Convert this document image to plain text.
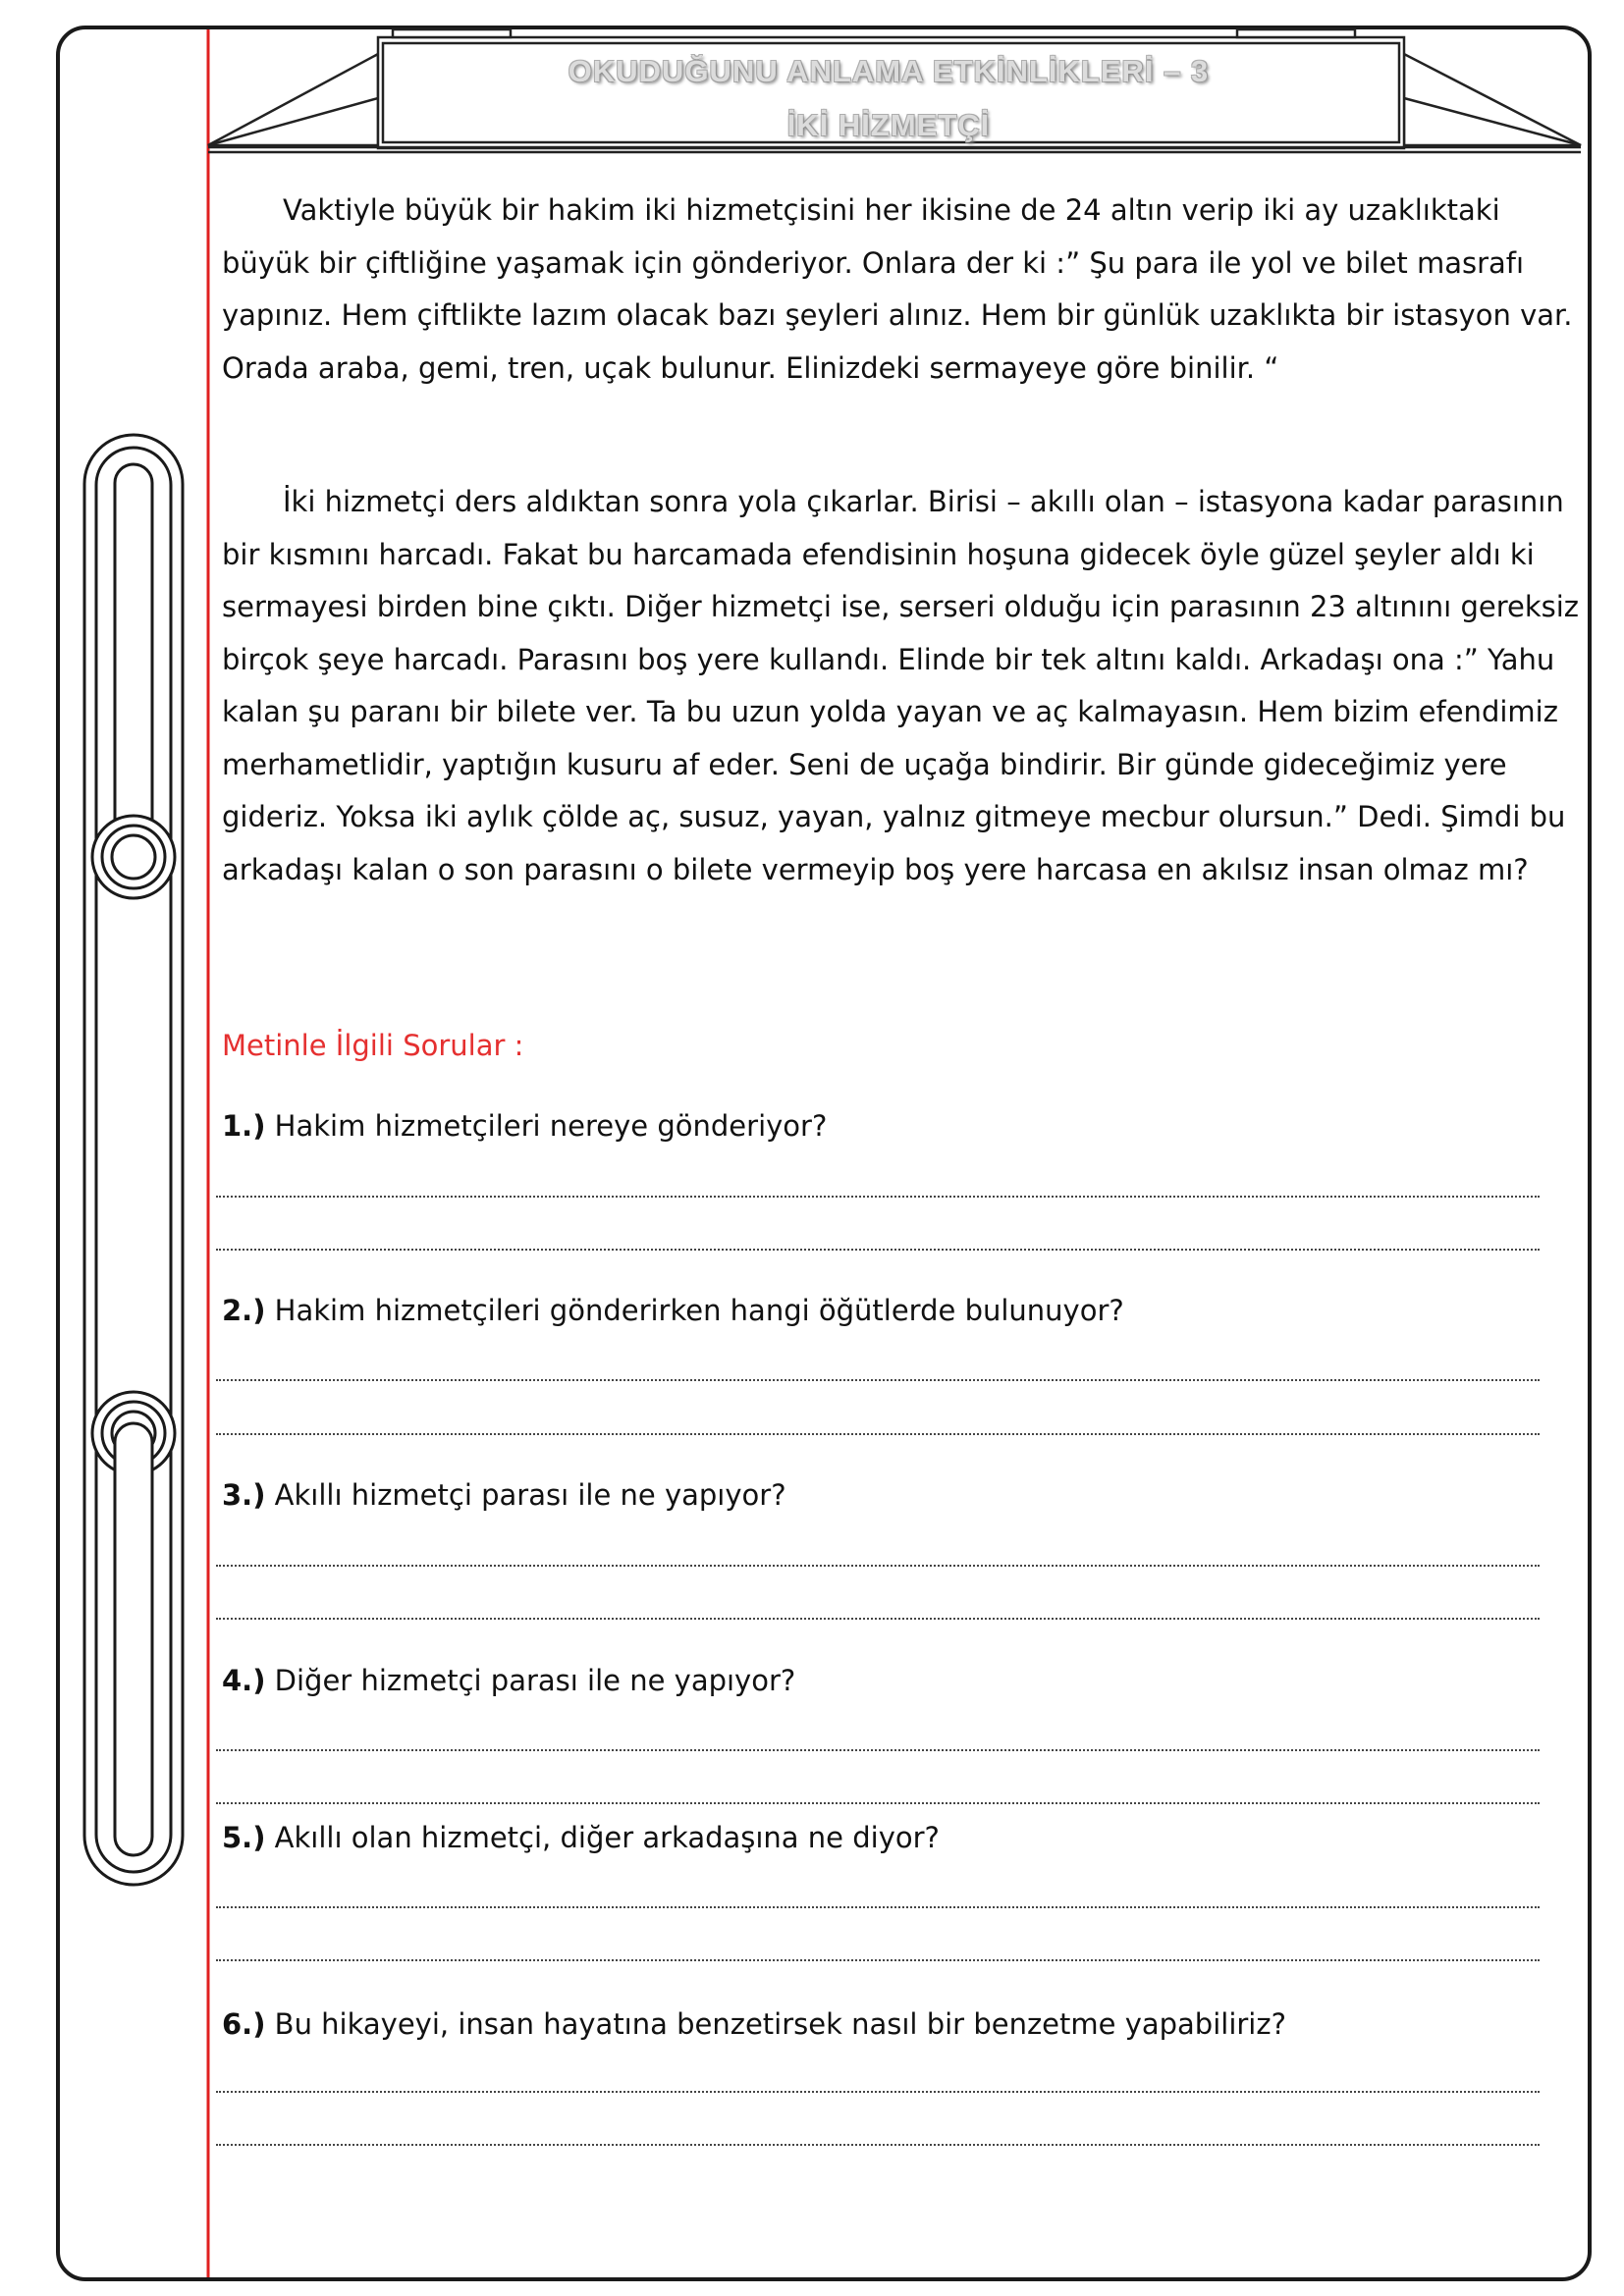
OKUDUĞUNU ANLAMA ETKİNLİKLERİ – 3
İKİ HİZMETÇİ

Vaktiyle büyük bir hakim iki hizmetçisini her ikisine de 24 altın verip iki ay uzaklıktaki büyük bir çiftliğine yaşamak için gönderiyor. Onlara der ki :” Şu para ile yol ve bilet masrafı yapınız. Hem çiftlikte lazım olacak bazı şeyleri alınız. Hem bir günlük uzaklıkta bir istasyon var. Orada araba, gemi, tren, uçak bulunur. Elinizdeki sermayeye göre binilir. “

İki hizmetçi ders aldıktan sonra yola çıkarlar. Birisi – akıllı olan – istasyona kadar parasının bir kısmını harcadı. Fakat bu harcamada efendisinin hoşuna gidecek öyle güzel şeyler aldı ki sermayesi birden bine çıktı. Diğer hizmetçi ise, serseri olduğu için parasının 23 altınını gereksiz birçok şeye harcadı. Parasını boş yere kullandı. Elinde bir tek altını kaldı. Arkadaşı ona :” Yahu kalan şu paranı bir bilete ver. Ta bu uzun yolda yayan ve aç kalmayasın. Hem bizim efendimiz merhametlidir, yaptığın kusuru af eder. Seni de uçağa bindirir. Bir günde gideceğimiz yere gideriz. Yoksa iki aylık çölde aç, susuz, yayan, yalnız gitmeye mecbur olursun.” Dedi. Şimdi bu arkadaşı kalan o son parasını o bilete vermeyip boş yere harcasa en akılsız insan olmaz mı?

Metinle İlgili Sorular :
1.) Hakim hizmetçileri nereye gönderiyor?
2.) Hakim hizmetçileri gönderirken hangi öğütlerde bulunuyor?
3.) Akıllı hizmetçi parası ile ne yapıyor?
4.) Diğer hizmetçi parası ile ne yapıyor?
5.) Akıllı olan hizmetçi, diğer arkadaşına ne diyor?
6.) Bu hikayeyi, insan hayatına benzetirsek nasıl bir benzetme yapabiliriz?
